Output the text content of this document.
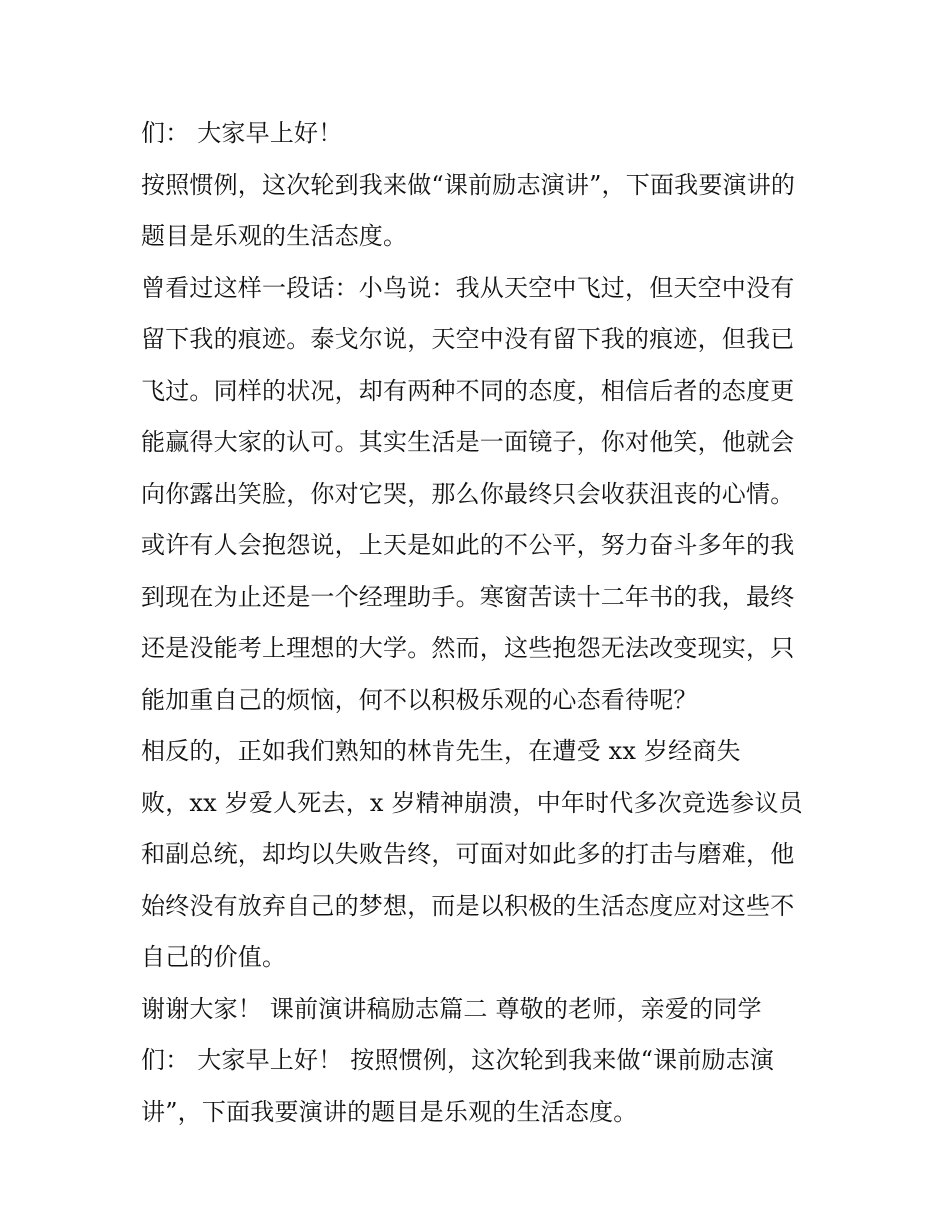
们： 大家早上好！
按照惯例，这次轮到我来做“课前励志演讲”，下面我要演讲的
题目是乐观的生活态度。
曾看过这样一段话：小鸟说：我从天空中飞过，但天空中没有
留下我的痕迹。泰戈尔说，天空中没有留下我的痕迹，但我已
飞过。同样的状况，却有两种不同的态度，相信后者的态度更
能赢得大家的认可。其实生活是一面镜子，你对他笑，他就会
向你露出笑脸，你对它哭，那么你最终只会收获沮丧的心情。
或许有人会抱怨说，上天是如此的不公平，努力奋斗多年的我
到现在为止还是一个经理助手。寒窗苦读十二年书的我，最终
还是没能考上理想的大学。然而，这些抱怨无法改变现实，只
能加重自己的烦恼，何不以积极乐观的心态看待呢？
相反的，正如我们熟知的林肯先生，在遭受 xx 岁经商失
败，xx 岁爱人死去，x 岁精神崩溃，中年时代多次竞选参议员
和副总统，却均以失败告终，可面对如此多的打击与磨难，他
始终没有放弃自己的梦想，而是以积极的生活态度应对这些不
自己的价值。
谢谢大家！ 课前演讲稿励志篇二 尊敬的老师，亲爱的同学
们： 大家早上好！ 按照惯例，这次轮到我来做“课前励志演
讲”，下面我要演讲的题目是乐观的生活态度。
